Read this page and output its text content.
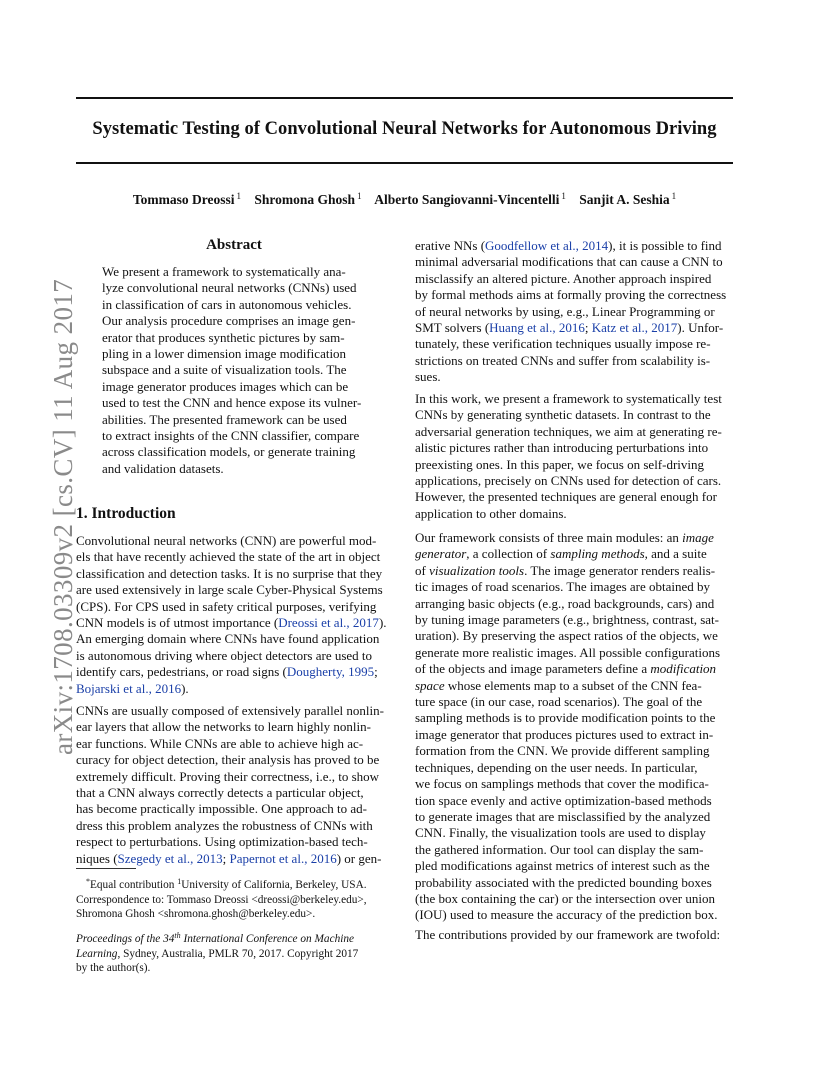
arXiv:1708.03309v2 [cs.CV] 11 Aug 2017
Systematic Testing of Convolutional Neural Networks for Autonomous Driving
Tommaso Dreossi $^1$ Shromona Ghosh $^1$ Alberto Sangiovanni-Vincentelli $^1$ Sanjit A. Seshia $^1$
Abstract
We present a framework to systematically ana-
lyze convolutional neural networks (CNNs) used
in classification of cars in autonomous vehicles.
Our analysis procedure comprises an image gen-
erator that produces synthetic pictures by sam-
pling in a lower dimension image modification
subspace and a suite of visualization tools. The
image generator produces images which can be
used to test the CNN and hence expose its vulner-
abilities. The presented framework can be used
to extract insights of the CNN classifier, compare
across classification models, or generate training
and validation datasets.
1. Introduction
Convolutional neural networks (CNN) are powerful mod-
els that have recently achieved the state of the art in object
classification and detection tasks. It is no surprise that they
are used extensively in large scale Cyber-Physical Systems
(CPS). For CPS used in safety critical purposes, verifying
CNN models is of utmost importance (Dreossi et al., 2017).
An emerging domain where CNNs have found application
is autonomous driving where object detectors are used to
identify cars, pedestrians, or road signs (Dougherty, 1995;
Bojarski et al., 2016).
CNNs are usually composed of extensively parallel nonlin-
ear layers that allow the networks to learn highly nonlin-
ear functions. While CNNs are able to achieve high ac-
curacy for object detection, their analysis has proved to be
extremely difficult. Proving their correctness, i.e., to show
that a CNN always correctly detects a particular object,
has become practically impossible. One approach to ad-
dress this problem analyzes the robustness of CNNs with
respect to perturbations. Using optimization-based tech-
niques (Szegedy et al., 2013; Papernot et al., 2016) or gen-
*Equal contribution $^1$University of California, Berkeley, USA.
Correspondence to: Tommaso Dreossi <dreossi@berkeley.edu>,
Shromona Ghosh <shromona.ghosh@berkeley.edu>.
Proceedings of the 34th International Conference on Machine
Learning, Sydney, Australia, PMLR 70, 2017. Copyright 2017
by the author(s).
erative NNs (Goodfellow et al., 2014), it is possible to find
minimal adversarial modifications that can cause a CNN to
misclassify an altered picture. Another approach inspired
by formal methods aims at formally proving the correctness
of neural networks by using, e.g., Linear Programming or
SMT solvers (Huang et al., 2016; Katz et al., 2017). Unfor-
tunately, these verification techniques usually impose re-
strictions on treated CNNs and suffer from scalability is-
sues.
In this work, we present a framework to systematically test
CNNs by generating synthetic datasets. In contrast to the
adversarial generation techniques, we aim at generating re-
alistic pictures rather than introducing perturbations into
preexisting ones. In this paper, we focus on self-driving
applications, precisely on CNNs used for detection of cars.
However, the presented techniques are general enough for
application to other domains.
Our framework consists of three main modules: an image
generator, a collection of sampling methods, and a suite
of visualization tools. The image generator renders realis-
tic images of road scenarios. The images are obtained by
arranging basic objects (e.g., road backgrounds, cars) and
by tuning image parameters (e.g., brightness, contrast, sat-
uration). By preserving the aspect ratios of the objects, we
generate more realistic images. All possible configurations
of the objects and image parameters define a modification
space whose elements map to a subset of the CNN fea-
ture space (in our case, road scenarios). The goal of the
sampling methods is to provide modification points to the
image generator that produces pictures used to extract in-
formation from the CNN. We provide different sampling
techniques, depending on the user needs. In particular,
we focus on samplings methods that cover the modifica-
tion space evenly and active optimization-based methods
to generate images that are misclassified by the analyzed
CNN. Finally, the visualization tools are used to display
the gathered information. Our tool can display the sam-
pled modifications against metrics of interest such as the
probability associated with the predicted bounding boxes
(the box containing the car) or the intersection over union
(IOU) used to measure the accuracy of the prediction box.
The contributions provided by our framework are twofold:
